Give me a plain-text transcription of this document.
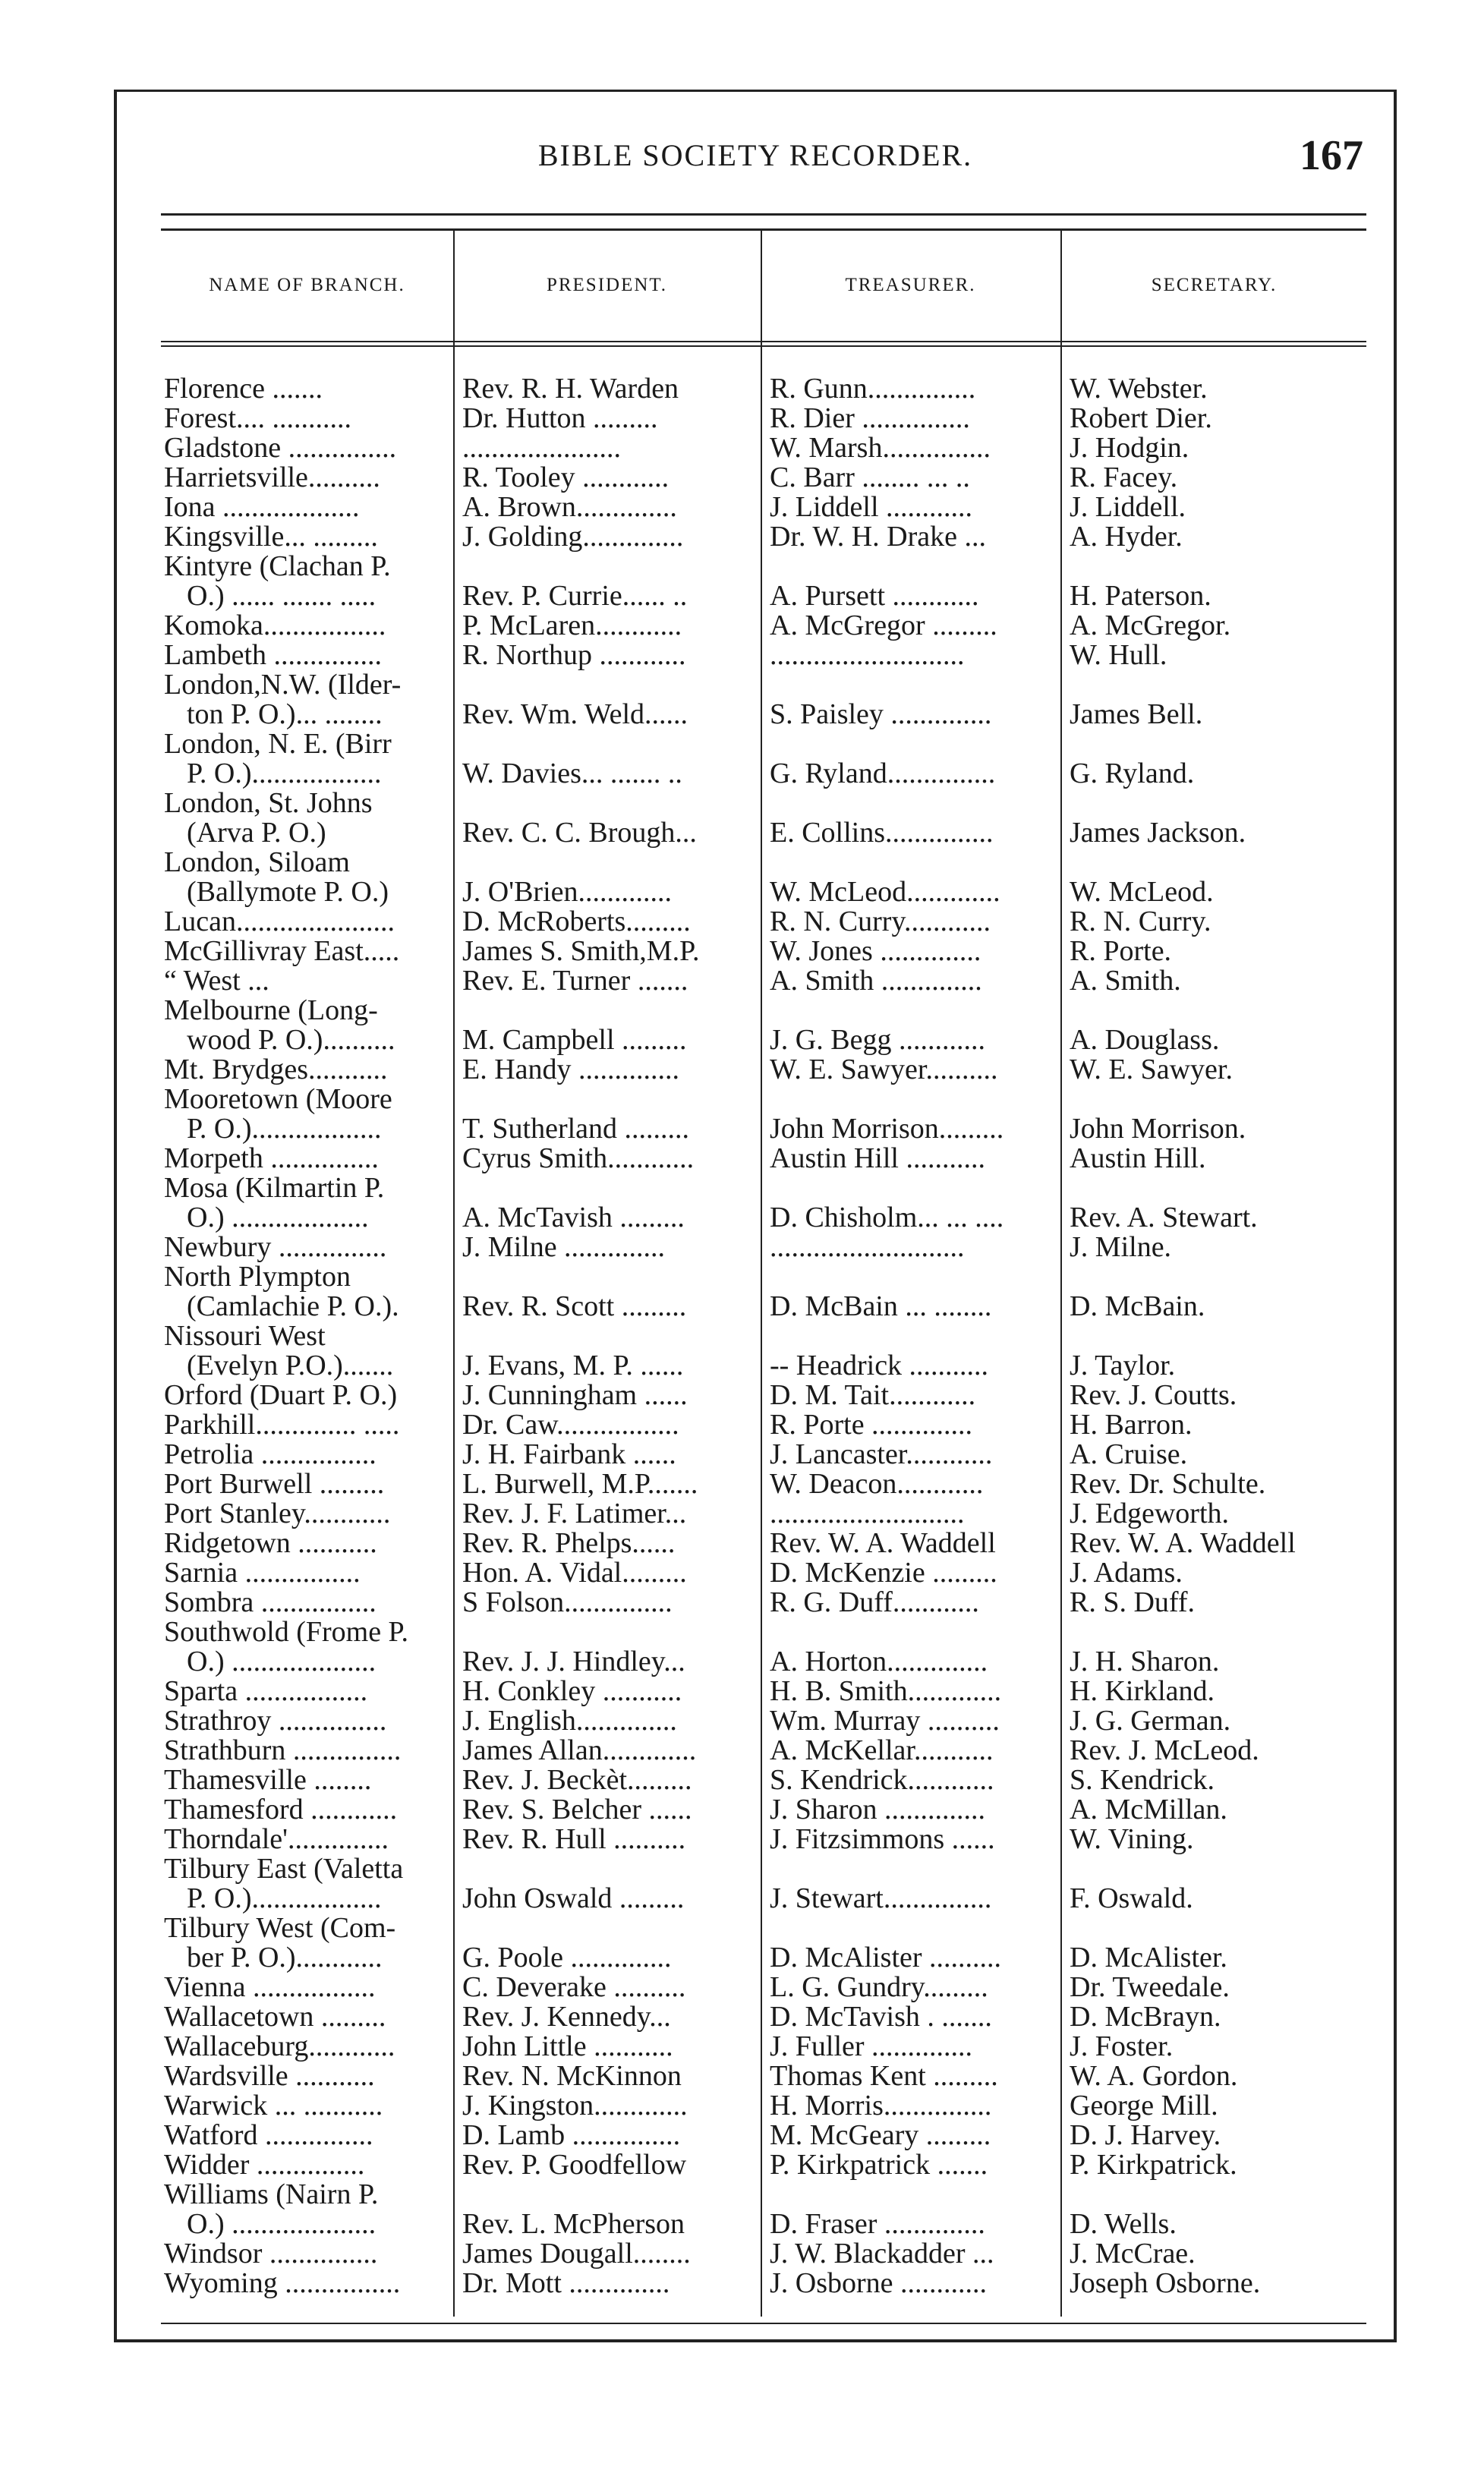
BIBLE SOCIETY RECORDER.	167
NAME OF BRANCH.	PRESIDENT.	TREASURER.	SECRETARY.
Florence .......	Rev. R. H. Warden	R. Gunn...............	W. Webster.
Forest.... ...........	Dr. Hutton .........	R. Dier ...............	Robert Dier.
Gladstone ...............	......................	W. Marsh...............	J. Hodgin.
Harrietsville..........	R. Tooley ............	C. Barr ........ ... ..	R. Facey.
Iona ...................	A. Brown..............	J. Liddell ............	J. Liddell.
Kingsville... .........	J. Golding..............	Dr. W. H. Drake ...	A. Hyder.
Kintyre (Clachan P.
O.) ...... ....... .....	Rev. P. Currie...... ..	A. Pursett ............	H. Paterson.
Komoka.................	P. McLaren............	A. McGregor .........	A. McGregor.
Lambeth ...............	R. Northup ............	...........................	W. Hull.
London,N.W. (Ilder-
ton P. O.)... ........	Rev. Wm. Weld......	S. Paisley ..............	James Bell.
London, N. E. (Birr
P. O.)..................	W. Davies... ....... ..	G. Ryland...............	G. Ryland.
London, St. Johns
(Arva P. O.)	Rev. C. C. Brough...	E. Collins...............	James Jackson.
London, Siloam
(Ballymote P. O.)	J. O'Brien.............	W. McLeod.............	W. McLeod.
Lucan......................	D. McRoberts.........	R. N. Curry............	R. N. Curry.
McGillivray East.....	James S. Smith,M.P.	W. Jones ..............	R. Porte.
“ West ...	Rev. E. Turner .......	A. Smith ..............	A. Smith.
Melbourne (Long-
wood P. O.)..........	M. Campbell .........	J. G. Begg ............	A. Douglass.
Mt. Brydges...........	E. Handy ..............	W. E. Sawyer..........	W. E. Sawyer.
Mooretown (Moore
P. O.)..................	T. Sutherland .........	John Morrison.........	John Morrison.
Morpeth ...............	Cyrus Smith............	Austin Hill ...........	Austin Hill.
Mosa (Kilmartin P.
O.) ...................	A. McTavish .........	D. Chisholm... ... ....	Rev. A. Stewart.
Newbury ...............	J. Milne ..............	...........................	J. Milne.
North Plympton
(Camlachie P. O.).	Rev. R. Scott .........	D. McBain ... ........	D. McBain.
Nissouri West
(Evelyn P.O.).......	J. Evans, M. P. ......	-- Headrick ...........	J. Taylor.
Orford (Duart P. O.)	J. Cunningham ......	D. M. Tait............	Rev. J. Coutts.
Parkhill.............. .....	Dr. Caw.................	R. Porte ..............	H. Barron.
Petrolia ................	J. H. Fairbank ......	J. Lancaster............	A. Cruise.
Port Burwell .........	L. Burwell, M.P.......	W. Deacon............	Rev. Dr. Schulte.
Port Stanley............	Rev. J. F. Latimer...	...........................	J. Edgeworth.
Ridgetown ...........	Rev. R. Phelps......	Rev. W. A. Waddell	Rev. W. A. Waddell
Sarnia ................	Hon. A. Vidal.........	D. McKenzie .........	J. Adams.
Sombra ................	S Folson...............	R. G. Duff............	R. S. Duff.
Southwold (Frome P.
O.) ....................	Rev. J. J. Hindley...	A. Horton..............	J. H. Sharon.
Sparta .................	H. Conkley ...........	H. B. Smith.............	H. Kirkland.
Strathroy ...............	J. English..............	Wm. Murray ..........	J. G. German.
Strathburn ...............	James Allan.............	A. McKellar...........	Rev. J. McLeod.
Thamesville ........	Rev. J. Beckèt.........	S. Kendrick............	S. Kendrick.
Thamesford ............	Rev. S. Belcher ......	J. Sharon ..............	A. McMillan.
Thorndale'..............	Rev. R. Hull ..........	J. Fitzsimmons ......	W. Vining.
Tilbury East (Valetta
P. O.)..................	John Oswald .........	J. Stewart...............	F. Oswald.
Tilbury West (Com-
ber P. O.)............	G. Poole ..............	D. McAlister ..........	D. McAlister.
Vienna .................	C. Deverake ..........	L. G. Gundry.........	Dr. Tweedale.
Wallacetown .........	Rev. J. Kennedy...	D. McTavish . .......	D. McBrayn.
Wallaceburg............	John Little ...........	J. Fuller ..............	J. Foster.
Wardsville ...........	Rev. N. McKinnon	Thomas Kent .........	W. A. Gordon.
Warwick ... ...........	J. Kingston.............	H. Morris...............	George Mill.
Watford ...............	D. Lamb ...............	M. McGeary .........	D. J. Harvey.
Widder ...............	Rev. P. Goodfellow	P. Kirkpatrick .......	P. Kirkpatrick.
Williams (Nairn P.
O.) ....................	Rev. L. McPherson	D. Fraser ..............	D. Wells.
Windsor ...............	James Dougall........	J. W. Blackadder ...	J. McCrae.
Wyoming ................	Dr. Mott ..............	J. Osborne ............	Joseph Osborne.
